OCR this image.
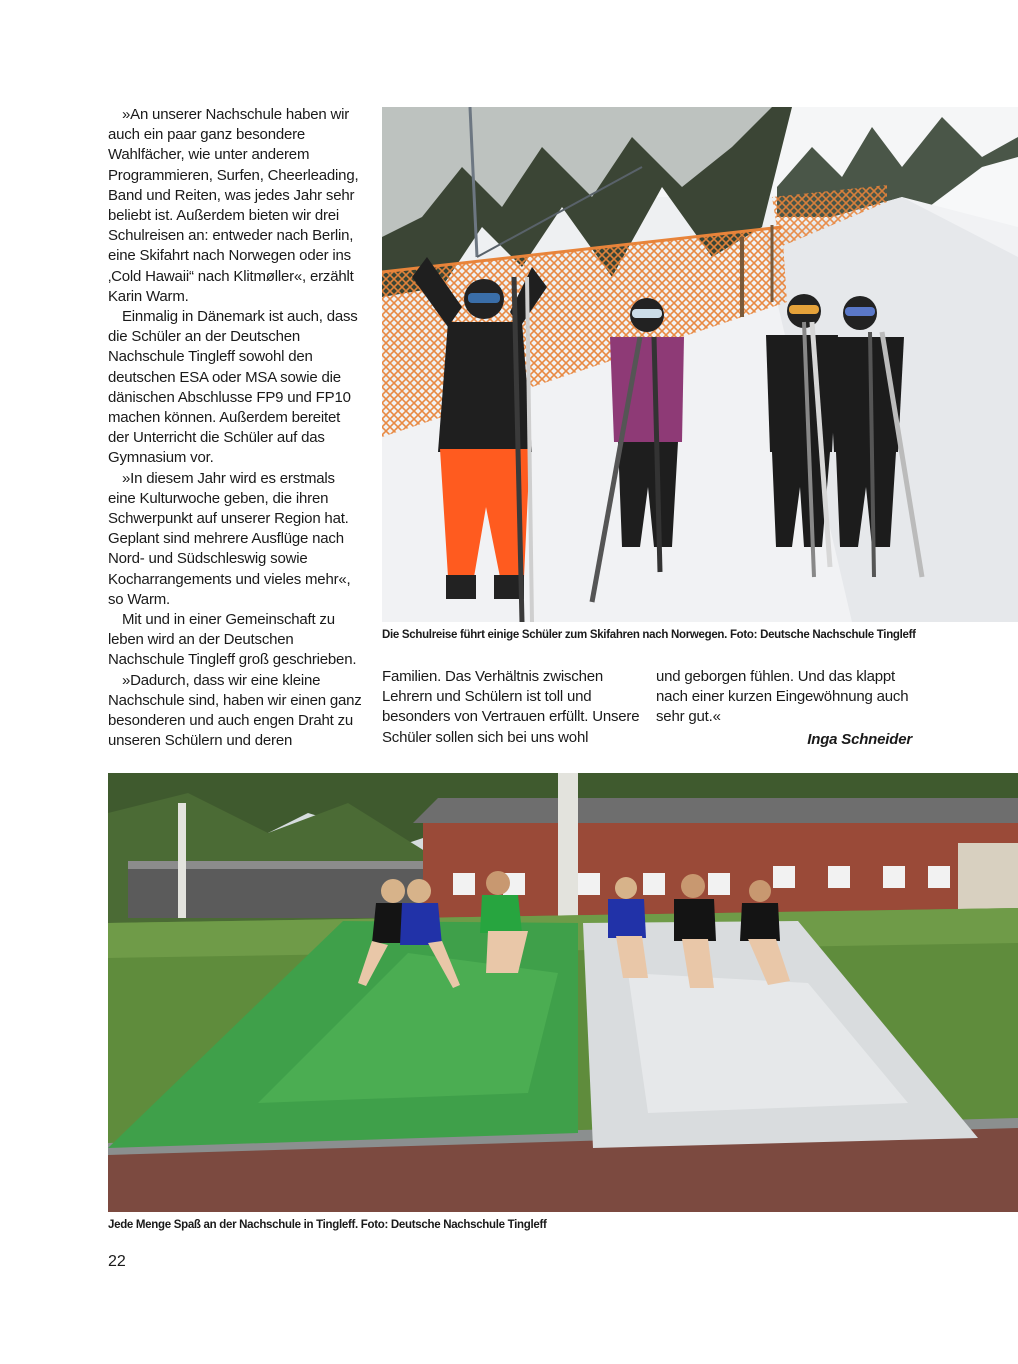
»An unserer Nachschule haben wir auch ein paar ganz besondere Wahlfächer, wie unter anderem Programmieren, Surfen, Cheerleading, Band und Reiten, was jedes Jahr sehr beliebt ist. Außerdem bieten wir drei Schulreisen an: entweder nach Berlin, eine Skifahrt nach Norwegen oder ins ‚Cold Hawaii“ nach Klitmøller«, erzählt Karin Warm.

Einmalig in Dänemark ist auch, dass die Schüler an der Deutschen Nachschule Tingleff sowohl den deutschen ESA oder MSA sowie die dänischen Abschlusse FP9 und FP10 machen können. Außerdem bereitet der Unterricht die Schüler auf das Gymnasium vor.

»In diesem Jahr wird es erstmals eine Kulturwoche geben, die ihren Schwerpunkt auf unserer Region hat. Geplant sind mehrere Ausflüge nach Nord- und Südschleswig sowie Kocharrangements und vieles mehr«, so Warm.

Mit und in einer Gemeinschaft zu leben wird an der Deutschen Nachschule Tingleff groß geschrieben.

»Dadurch, dass wir eine kleine Nachschule sind, haben wir einen ganz besonderen und auch engen Draht zu unseren Schülern und deren

Die Schulreise führt einige Schüler zum Skifahren nach Norwegen. Foto: Deutsche Nachschule Tingleff

Familien. Das Verhältnis zwischen Lehrern und Schülern ist toll und besonders von Vertrauen erfüllt. Unsere Schüler sollen sich bei uns wohl

und geborgen fühlen. Und das klappt nach einer kurzen Eingewöhnung auch sehr gut.«

Inga Schneider

Jede Menge Spaß an der Nachschule in Tingleff. Foto: Deutsche Nachschule Tingleff
22
